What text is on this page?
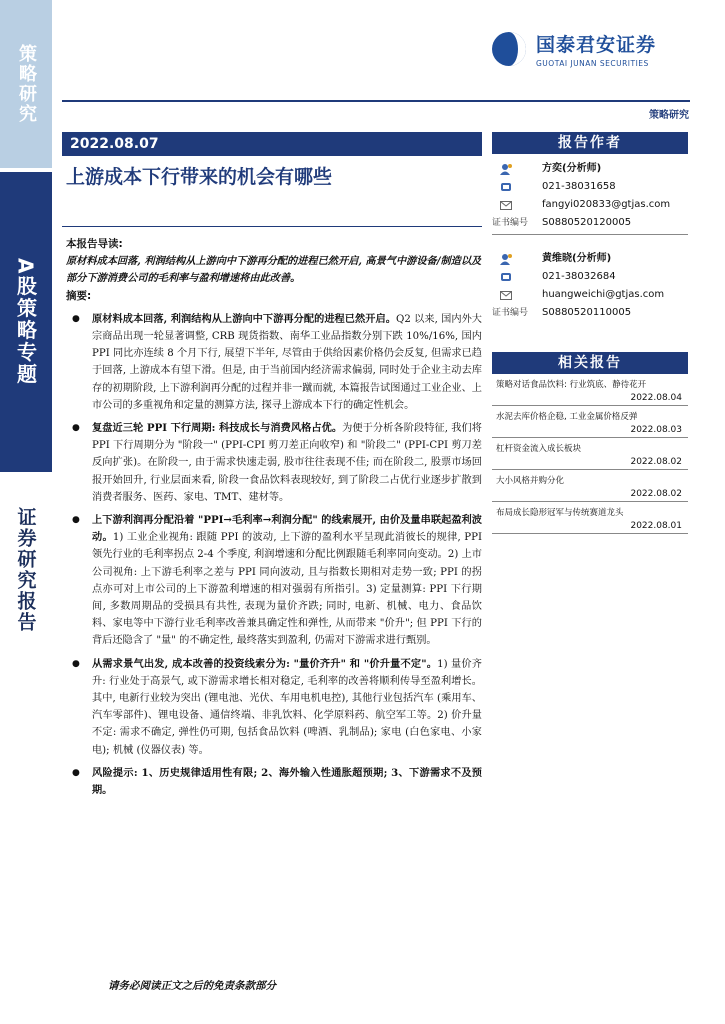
策略研究
A股策略专题
证券研究报告
国泰君安证券
GUOTAI JUNAN SECURITIES
策略研究
2022.08.07
上游成本下行带来的机会有哪些
报告作者
方奕(分析师)
021-38031658
fangyi020833@gtjas.com
证书编号 S0880520120005
黄维晓(分析师)
021-38032684
huangweichi@gtjas.com
证书编号 S0880520110005
相关报告
策略对话食品饮料: 行业筑底、静待花开
2022.08.04
水泥去库价格企稳, 工业金属价格反弹
2022.08.03
杠杆资金流入成长板块
2022.08.02
大小风格并购分化
2022.08.02
布局成长隐形冠军与传统赛道龙头
2022.08.01
本报告导读:
原材料成本回落, 利润结构从上游向中下游再分配的进程已然开启, 高景气中游设备/制造以及部分下游消费公司的毛利率与盈利增速将由此改善。
摘要:
● 原材料成本回落, 利润结构从上游向中下游再分配的进程已然开启。Q2 以来, 国内外大宗商品出现一轮显著调整, CRB 现货指数、南华工业品指数分别下跌 10%/16%, 国内 PPI 同比亦连续 8 个月下行, 展望下半年, 尽管由于供给因素价格仍会反复, 但需求已趋于回落, 上游成本有望下滑。但是, 由于当前国内经济需求偏弱, 同时处于企业主动去库存的初期阶段, 上下游利润再分配的过程并非一蹴而就, 本篇报告试图通过工业企业、上市公司的多重视角和定量的测算方法, 探寻上游成本下行的确定性机会。
● 复盘近三轮 PPI 下行周期: 科技成长与消费风格占优。为便于分析各阶段特征, 我们将 PPI 下行周期分为 "阶段一" (PPI-CPI 剪刀差正向收窄) 和 "阶段二" (PPI-CPI 剪刀差反向扩张)。在阶段一, 由于需求快速走弱, 股市往往表现不佳; 而在阶段二, 股票市场回报开始回升, 行业层面来看, 阶段一食品饮料表现较好, 到了阶段二占优行业逐步扩散到消费者服务、医药、家电、TMT、建材等。
● 上下游利润再分配沿着 "PPI→毛利率→利润分配" 的线索展开, 由价及量串联起盈利波动。1) 工业企业视角: 跟随 PPI 的波动, 上下游的盈利水平呈现此消彼长的规律, PPI 领先行业的毛利率拐点 2-4 个季度, 利润增速和分配比例跟随毛利率同向变动。2) 上市公司视角: 上下游毛利率之差与 PPI 同向波动, 且与指数长期相对走势一致; PPI 的拐点亦可对上市公司的上下游盈利增速的相对强弱有所指引。3) 定量测算: PPI 下行期间, 多数周期品的受损具有共性, 表现为量价齐跌; 同时, 电新、机械、电力、食品饮料、家电等中下游行业毛利率改善兼具确定性和弹性, 从而带来 "价升"; 但 PPI 下行的背后还隐含了 "量" 的不确定性, 最终落实到盈利, 仍需对下游需求进行甄别。
● 从需求景气出发, 成本改善的投资线索分为: "量价齐升" 和 "价升量不定"。1) 量价齐升: 行业处于高景气, 或下游需求增长相对稳定, 毛利率的改善将顺利传导至盈利增长。其中, 电新行业较为突出 (锂电池、光伏、车用电机电控), 其他行业包括汽车 (乘用车、汽车零部件)、锂电设备、通信终端、非乳饮料、化学原料药、航空军工等。2) 价升量不定: 需求不确定, 弹性仍可期, 包括食品饮料 (啤酒、乳制品); 家电 (白色家电、小家电); 机械 (仪器仪表) 等。
● 风险提示: 1、历史规律适用性有限; 2、海外输入性通胀超预期; 3、下游需求不及预期。
请务必阅读正文之后的免责条款部分
